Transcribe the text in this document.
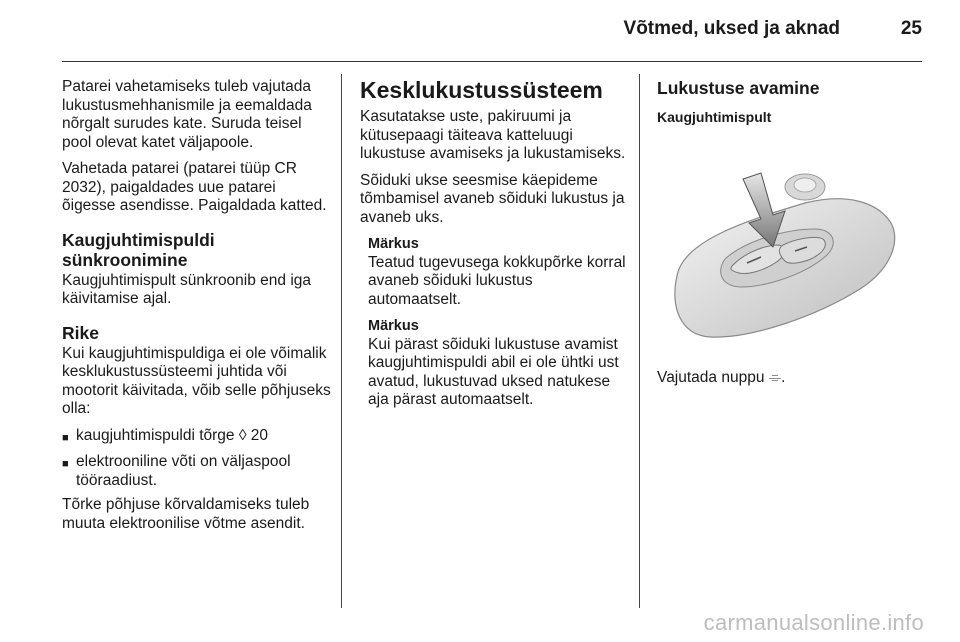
Võtmed, uksed ja aknad	25

Patarei vahetamiseks tuleb vajutada lukustusmehhanismile ja eemaldada nõrgalt surudes kate. Suruda teisel pool olevat katet väljapoole.

Vahetada patarei (patarei tüüp CR 2032), paigaldades uue patarei õigesse asendisse. Paigaldada katted.

Kaugjuhtimispuldi sünkroonimine

Kaugjuhtimispult sünkroonib end iga käivitamise ajal.

Rike

Kui kaugjuhtimispuldiga ei ole võimalik kesklukustussüsteemi juhtida või mootorit käivitada, võib selle põhjuseks olla:

■ kaugjuhtimispuldi tõrge ◊ 20
■ elektrooniline võti on väljaspool tööraadiust.

Tõrke põhjuse kõrvaldamiseks tuleb muuta elektroonilise võtme asendit.

Kesklukustussüsteem

Kasutatakse uste, pakiruumi ja kütusepaagi täiteava katteluugi lukustuse avamiseks ja lukustamiseks.

Sõiduki ukse seesmise käepideme tõmbamisel avaneb sõiduki lukustus ja avaneb uks.

Märkus

Teatud tugevusega kokkupõrke korral avaneb sõiduki lukustus automaatselt.

Märkus

Kui pärast sõiduki lukustuse avamist kaugjuhtimispuldi abil ei ole ühtki ust avatud, lukustuvad uksed natukese aja pärast automaatselt.

Lukustuse avamine
Kaugjuhtimispult

Vajutada nuppu ⌯.

carmanualsonline.info
